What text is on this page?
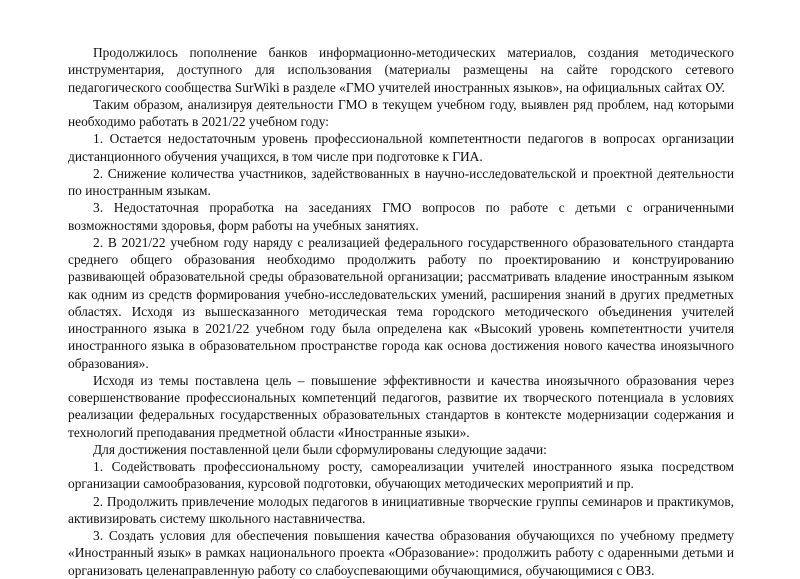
Продолжилось пополнение банков информационно-методических материалов, создания методического инструментария, доступного для использования (материалы размещены на сайте городского сетевого педагогического сообщества SurWiki в разделе «ГМО учителей иностранных языков», на официальных сайтах ОУ.

Таким образом, анализируя деятельности ГМО в текущем учебном году, выявлен ряд проблем, над которыми необходимо работать в 2021/22 учебном году:

1. Остается недостаточным уровень профессиональной компетентности педагогов в вопросах организации дистанционного обучения учащихся, в том числе при подготовке к ГИА.

2. Снижение количества участников, задействованных в научно-исследовательской и проектной деятельности по иностранным языкам.

3. Недостаточная проработка на заседаниях ГМО вопросов по работе с детьми с ограниченными возможностями здоровья, форм работы на учебных занятиях.

2. В 2021/22 учебном году наряду с реализацией федерального государственного образовательного стандарта среднего общего образования необходимо продолжить работу по проектированию и конструированию развивающей образовательной среды образовательной организации; рассматривать владение иностранным языком как одним из средств формирования учебно-исследовательских умений, расширения знаний в других предметных областях. Исходя из вышесказанного методическая тема городского методического объединения учителей иностранного языка в 2021/22 учебном году была определена как «Высокий уровень компетентности учителя иностранного языка в образовательном пространстве города как основа достижения нового качества иноязычного образования».

Исходя из темы поставлена цель – повышение эффективности и качества иноязычного образования через совершенствование профессиональных компетенций педагогов, развитие их творческого потенциала в условиях реализации федеральных государственных образовательных стандартов в контексте модернизации содержания и технологий преподавания предметной области «Иностранные языки».

Для достижения поставленной цели были сформулированы следующие задачи:

1. Содействовать профессиональному росту, самореализации учителей иностранного языка посредством организации самообразования, курсовой подготовки, обучающих методических мероприятий и пр.

2. Продолжить привлечение молодых педагогов в инициативные творческие группы семинаров и практикумов, активизировать систему школьного наставничества.

3. Создать условия для обеспечения повышения качества образования обучающихся по учебному предмету «Иностранный язык» в рамках национального проекта «Образование»: продолжить работу с одаренными детьми и организовать целенаправленную работу со слабоуспевающими обучающимися, обучающимися с ОВЗ.
